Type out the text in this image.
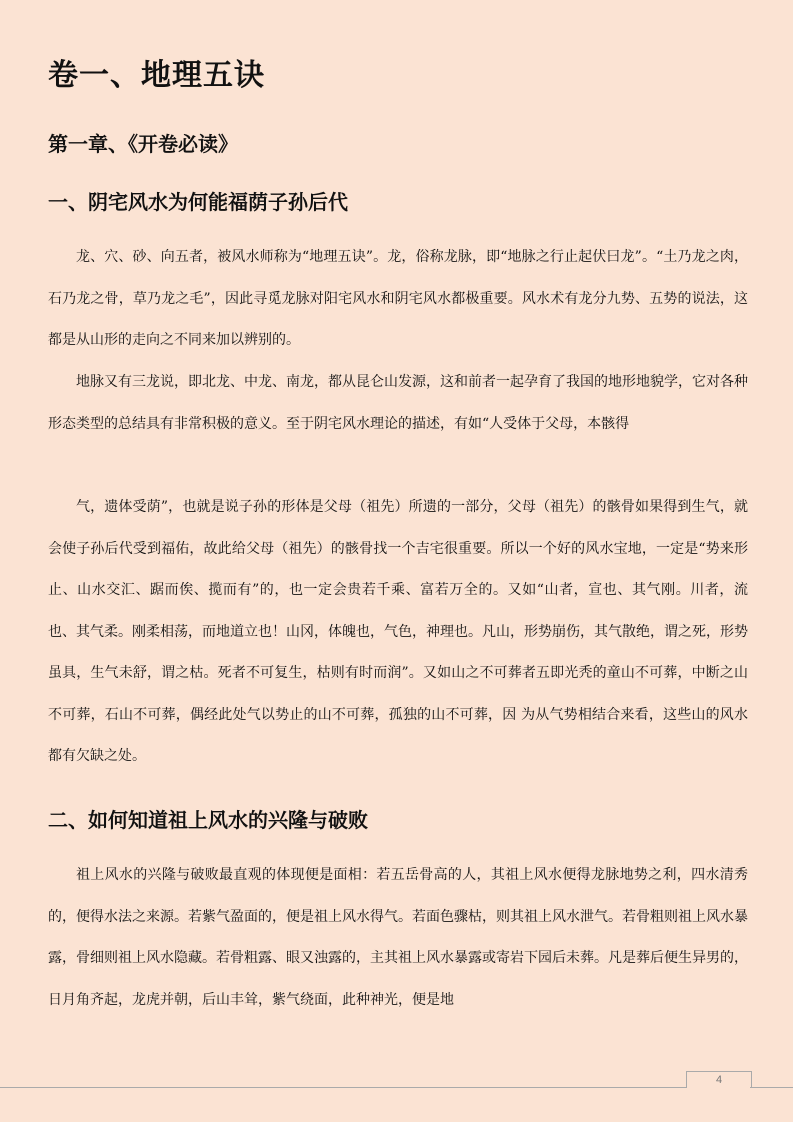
卷一、地理五诀
第一章、《开卷必读》
一、阴宅风水为何能福荫子孙后代

龙、穴、砂、向五者，被风水师称为“地理五诀”。龙，俗称龙脉，即“地脉之行止起伏曰龙”。“土乃龙之肉，石乃龙之骨，草乃龙之毛”，因此寻觅龙脉对阳宅风水和阴宅风水都极重要。风水术有龙分九势、五势的说法，这都是从山形的走向之不同来加以辨别的。

地脉又有三龙说，即北龙、中龙、南龙，都从昆仑山发源，这和前者一起孕育了我国的地形地貌学，它对各种形态类型的总结具有非常积极的意义。至于阴宅风水理论的描述，有如“人受体于父母，本骸得

气，遗体受荫”，也就是说子孙的形体是父母（祖先）所遗的一部分，父母（祖先）的骸骨如果得到生气，就会使子孙后代受到福佑，故此给父母（祖先）的骸骨找一个吉宅很重要。所以一个好的风水宝地，一定是“势来形止、山水交汇、踞而俟、揽而有”的，也一定会贵若千乘、富若万全的。又如“山者，宣也、其气刚。川者，流也、其气柔。刚柔相荡，而地道立也！山冈，体魄也，气色，神理也。凡山，形势崩伤，其气散绝，谓之死，形势虽具，生气未舒，谓之枯。死者不可复生，枯则有时而润”。又如山之不可葬者五即光秃的童山不可葬，中断之山不可葬，石山不可葬，偶经此处气以势止的山不可葬，孤独的山不可葬，因 为从气势相结合来看，这些山的风水都有欠缺之处。

二、如何知道祖上风水的兴隆与破败

祖上风水的兴隆与破败最直观的体现便是面相：若五岳骨高的人，其祖上风水便得龙脉地势之利，四水清秀的，便得水法之来源。若紫气盈面的，便是祖上风水得气。若面色骤枯，则其祖上风水泄气。若骨粗则祖上风水暴露，骨细则祖上风水隐藏。若骨粗露、眼又浊露的，主其祖上风水暴露或寄岩下园后未葬。凡是葬后便生异男的，日月角齐起，龙虎并朝，后山丰耸，紫气绕面，此种神光，便是地

4
